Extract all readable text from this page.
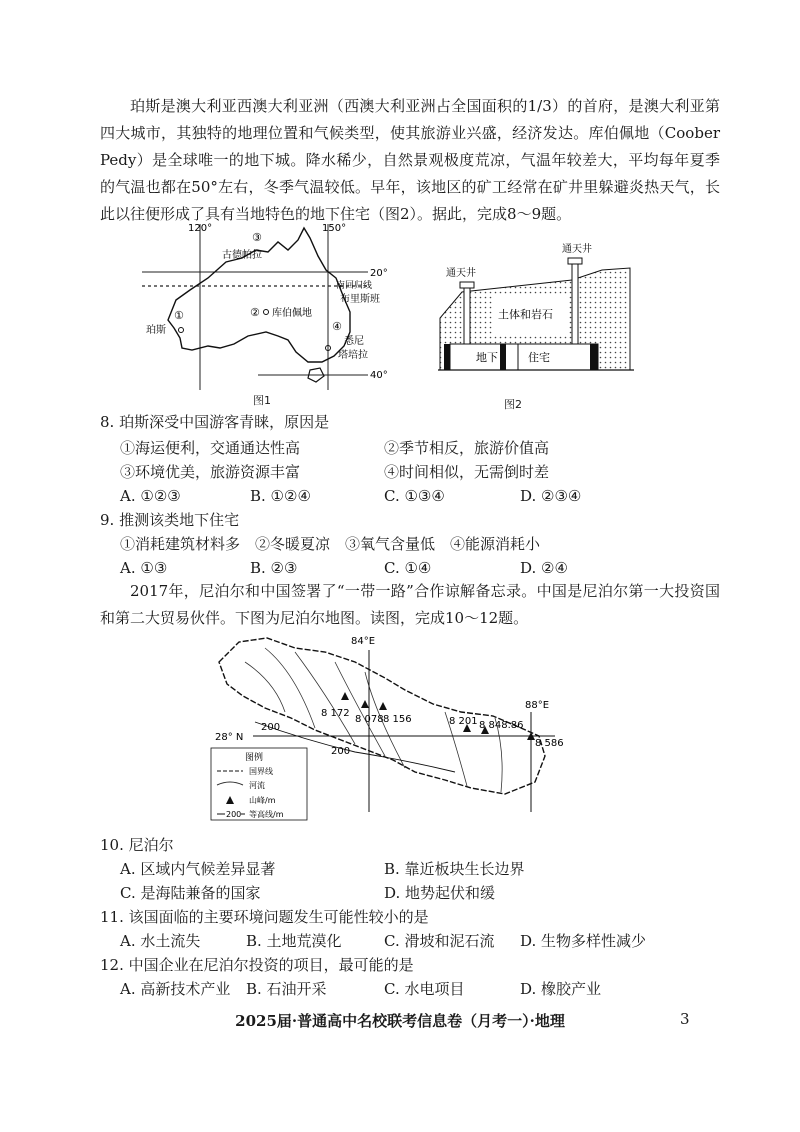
珀斯是澳大利亚西澳大利亚洲（西澳大利亚洲占全国面积的1/3）的首府，是澳大利亚第四大城市，其独特的地理位置和气候类型，使其旅游业兴盛，经济发达。库伯佩地（Coober Pedy）是全球唯一的地下城。降水稀少，自然景观极度荒凉，气温年较差大，平均每年夏季的气温也都在50°左右，冬季气温较低。早年，该地区的矿工经常在矿井里躲避炎热天气，长此以往便形成了具有当地特色的地下住宅（图2）。据此，完成8～9题。

120°	150°
20°
40°
南回归线
③
古德帕拉
布里斯班
② 库伯佩地
①
珀斯	④
悉尼
塔培拉
图1
通天井
通天井
土体和岩石
地下	住宅
图2

8. 珀斯深受中国游客青睐，原因是

①海运便利，交通通达性高	②季节相反，旅游价值高

③环境优美，旅游资源丰富	④时间相似，无需倒时差

A. ①②③	B. ①②④	C. ①③④	D. ②③④

9. 推测该类地下住宅

①消耗建筑材料多　②冬暖夏凉　③氧气含量低　④能源消耗小

A. ①③	B. ②③	C. ①④	D. ②④

2017年，尼泊尔和中国签署了“一带一路”合作谅解备忘录。中国是尼泊尔第一大投资国和第二大贸易伙伴。下图为尼泊尔地图。读图，完成10～12题。

84°E
88°E
28° N
8 172
8 078 8 156	8 201 8 848.86
8 586
200
200
图例
国界线
河流
山峰/m
200 等高线/m

10. 尼泊尔

A. 区域内气候差异显著	B. 靠近板块生长边界

C. 是海陆兼备的国家	D. 地势起伏和缓

11. 该国面临的主要环境问题发生可能性较小的是

A. 水土流失	B. 土地荒漠化	C. 滑坡和泥石流 D. 生物多样性减少

12. 中国企业在尼泊尔投资的项目，最可能的是

A. 高新技术产业 B. 石油开采	C. 水电项目	D. 橡胶产业

2025届·普通高中名校联考信息卷（月考一）·地理	3
